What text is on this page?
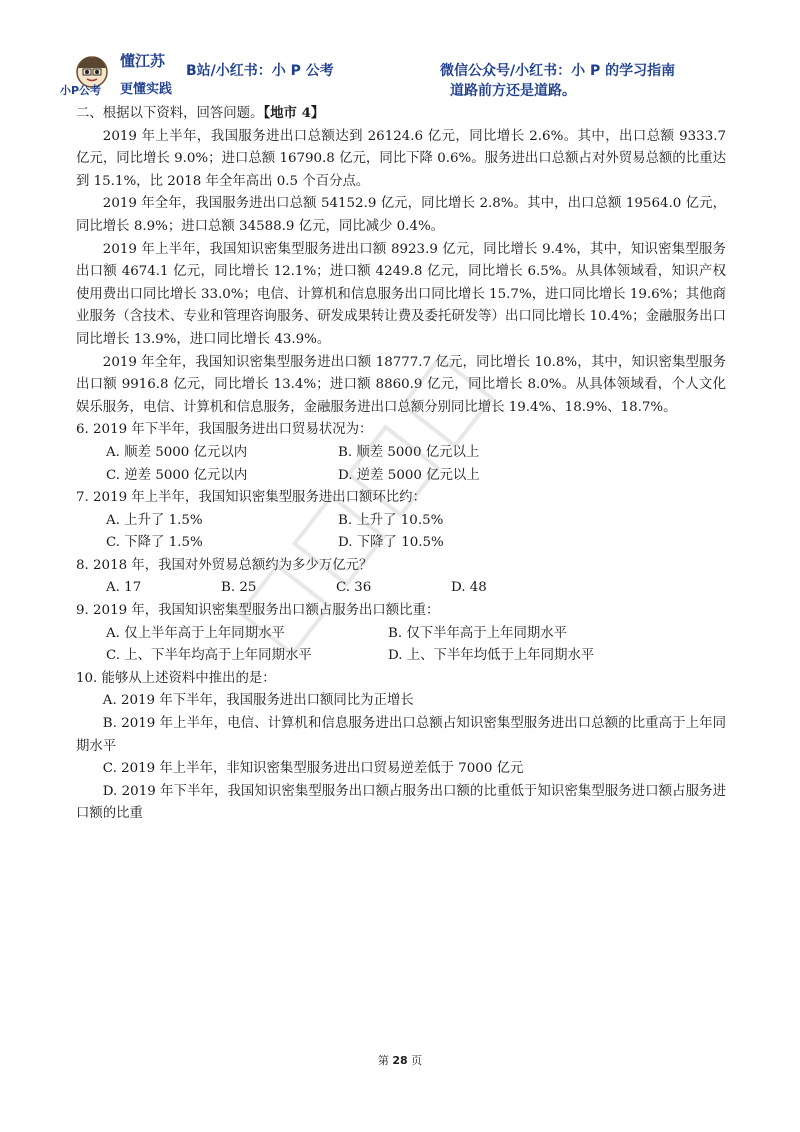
懂江苏
更懂实践
小P公考
B站/小红书：小 P 公考	微信公众号/小红书：小 P 的学习指南
道路前方还是道路。

二、根据以下资料，回答问题。【地市 4】

2019 年上半年，我国服务进出口总额达到 26124.6 亿元，同比增长 2.6%。其中，出口总额 9333.7 亿元，同比增长 9.0%；进口总额 16790.8 亿元，同比下降 0.6%。服务进出口总额占对外贸易总额的比重达到 15.1%，比 2018 年全年高出 0.5 个百分点。

2019 年全年，我国服务进出口总额 54152.9 亿元，同比增长 2.8%。其中，出口总额 19564.0 亿元，同比增长 8.9%；进口总额 34588.9 亿元，同比减少 0.4%。

2019 年上半年，我国知识密集型服务进出口额 8923.9 亿元，同比增长 9.4%，其中，知识密集型服务出口额 4674.1 亿元，同比增长 12.1%；进口额 4249.8 亿元，同比增长 6.5%。从具体领域看，知识产权使用费出口同比增长 33.0%；电信、计算机和信息服务出口同比增长 15.7%，进口同比增长 19.6%；其他商业服务（含技术、专业和管理咨询服务、研发成果转让费及委托研发等）出口同比增长 10.4%；金融服务出口同比增长 13.9%，进口同比增长 43.9%。

2019 年全年，我国知识密集型服务进出口额 18777.7 亿元，同比增长 10.8%，其中，知识密集型服务出口额 9916.8 亿元，同比增长 13.4%；进口额 8860.9 亿元，同比增长 8.0%。从具体领域看，个人文化娱乐服务，电信、计算机和信息服务，金融服务进出口总额分别同比增长 19.4%、18.9%、18.7%。

6. 2019 年下半年，我国服务进出口贸易状况为：

A. 顺差 5000 亿元以内	B. 顺差 5000 亿元以上
C. 逆差 5000 亿元以内	D. 逆差 5000 亿元以上

7. 2019 年上半年，我国知识密集型服务进出口额环比约：

A. 上升了 1.5%	B. 上升了 10.5%
C. 下降了 1.5%	D. 下降了 10.5%

8. 2018 年，我国对外贸易总额约为多少万亿元？

A. 17	B. 25	C. 36	D. 48

9. 2019 年，我国知识密集型服务出口额占服务出口额比重：

A. 仅上半年高于上年同期水平	B. 仅下半年高于上年同期水平
C. 上、下半年均高于上年同期水平	D. 上、下半年均低于上年同期水平

10. 能够从上述资料中推出的是：

A. 2019 年下半年，我国服务进出口额同比为正增长

B. 2019 年上半年，电信、计算机和信息服务进出口总额占知识密集型服务进出口总额的比重高于上年同期水平

C. 2019 年上半年，非知识密集型服务进出口贸易逆差低于 7000 亿元

D. 2019 年下半年，我国知识密集型服务出口额占服务出口额的比重低于知识密集型服务进口额占服务进口额的比重

第 28 页
